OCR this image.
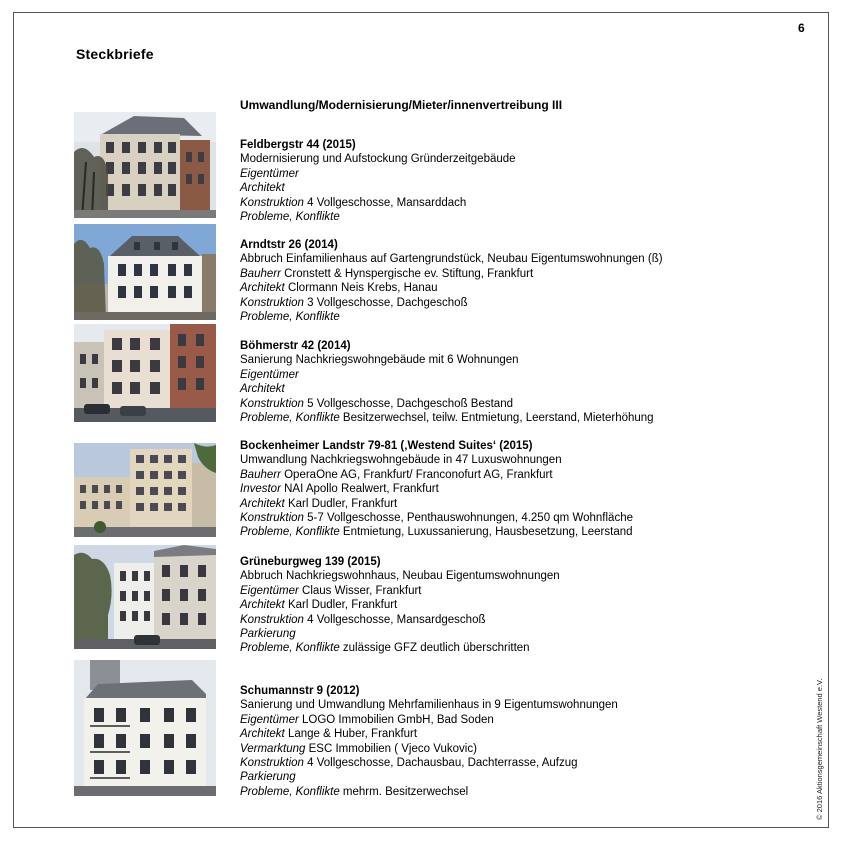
6
Steckbriefe
Umwandlung/Modernisierung/Mieter/innenvertreibung III
© 2016 Aktionsgemeinschaft Westend e.V.
Feldbergstr 44 (2015)
Modernisierung und Aufstockung Gründerzeitgebäude
Eigentümer
Architekt
Konstruktion 4 Vollgeschosse, Mansarddach
Probleme, Konflikte
Arndtstr 26 (2014)
Abbruch Einfamilienhaus auf Gartengrundstück, Neubau Eigentumswohnungen (ß)
Bauherr Cronstett & Hynspergische ev. Stiftung, Frankfurt
Architekt Clormann Neis Krebs, Hanau
Konstruktion 3 Vollgeschosse, Dachgeschoß
Probleme, Konflikte
Böhmerstr 42 (2014)
Sanierung Nachkriegswohngebäude mit 6 Wohnungen
Eigentümer
Architekt
Konstruktion 5 Vollgeschosse, Dachgeschoß Bestand
Probleme, Konflikte Besitzerwechsel, teilw. Entmietung, Leerstand, Mieterhöhung
Bockenheimer Landstr 79-81 (‚Westend Suites‘ (2015)
Umwandlung Nachkriegswohngebäude in 47 Luxuswohnungen
Bauherr OperaOne AG, Frankfurt/ Franconofurt AG, Frankfurt
Investor NAI Apollo Realwert, Frankfurt
Architekt Karl Dudler, Frankfurt
Konstruktion 5-7 Vollgeschosse, Penthauswohnungen, 4.250 qm Wohnfläche
Probleme, Konflikte Entmietung, Luxussanierung, Hausbesetzung, Leerstand
Grüneburgweg 139 (2015)
Abbruch Nachkriegswohnhaus, Neubau Eigentumswohnungen
Eigentümer Claus Wisser, Frankfurt
Architekt Karl Dudler, Frankfurt
Konstruktion 4 Vollgeschosse, Mansardgeschoß
Parkierung
Probleme, Konflikte zulässige GFZ deutlich überschritten
Schumannstr 9 (2012)
Sanierung und Umwandlung Mehrfamilienhaus in 9 Eigentumswohnungen
Eigentümer LOGO Immobilien GmbH, Bad Soden
Architekt Lange & Huber, Frankfurt
Vermarktung ESC Immobilien ( Vjeco Vukovic)
Konstruktion 4 Vollgeschosse, Dachausbau, Dachterrasse, Aufzug
Parkierung
Probleme, Konflikte mehrm. Besitzerwechsel
